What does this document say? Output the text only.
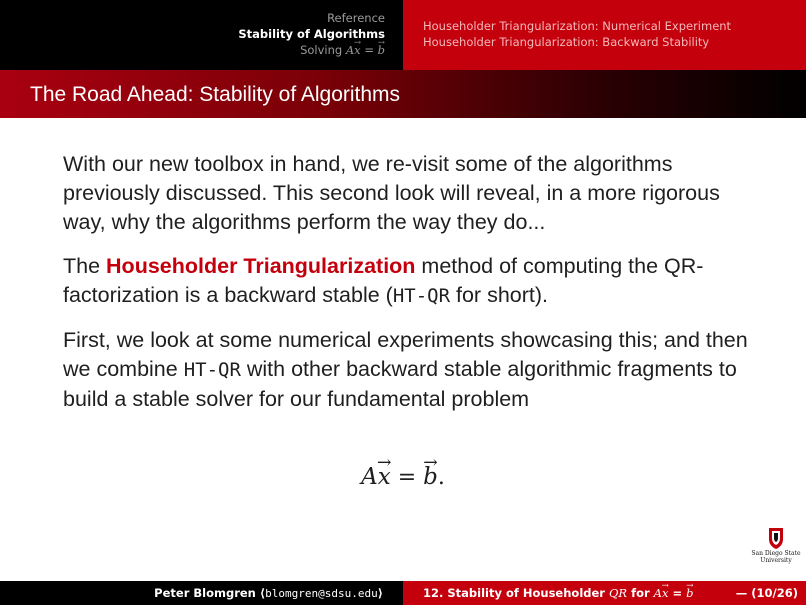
Reference
Stability of Algorithms
Solving Ax → = b →
Householder Triangularization: Numerical Experiment
Householder Triangularization: Backward Stability
The Road Ahead: Stability of Algorithms

With our new toolbox in hand, we re-visit some of the algorithms previously discussed. This second look will reveal, in a more rigorous way, why the algorithms perform the way they do...

The Householder Triangularization method of computing the QR-factorization is a backward stable (HT-QR for short).

First, we look at some numerical experiments showcasing this; and then we combine HT-QR with other backward stable algorithmic fragments to build a stable solver for our fundamental problem

Ax → = b →.
San Diego State
University
Peter Blomgren
⟨ blomgren@sdsu.edu ⟩	12. Stability of Householder QR for Ax → = b →	— (10/26)
